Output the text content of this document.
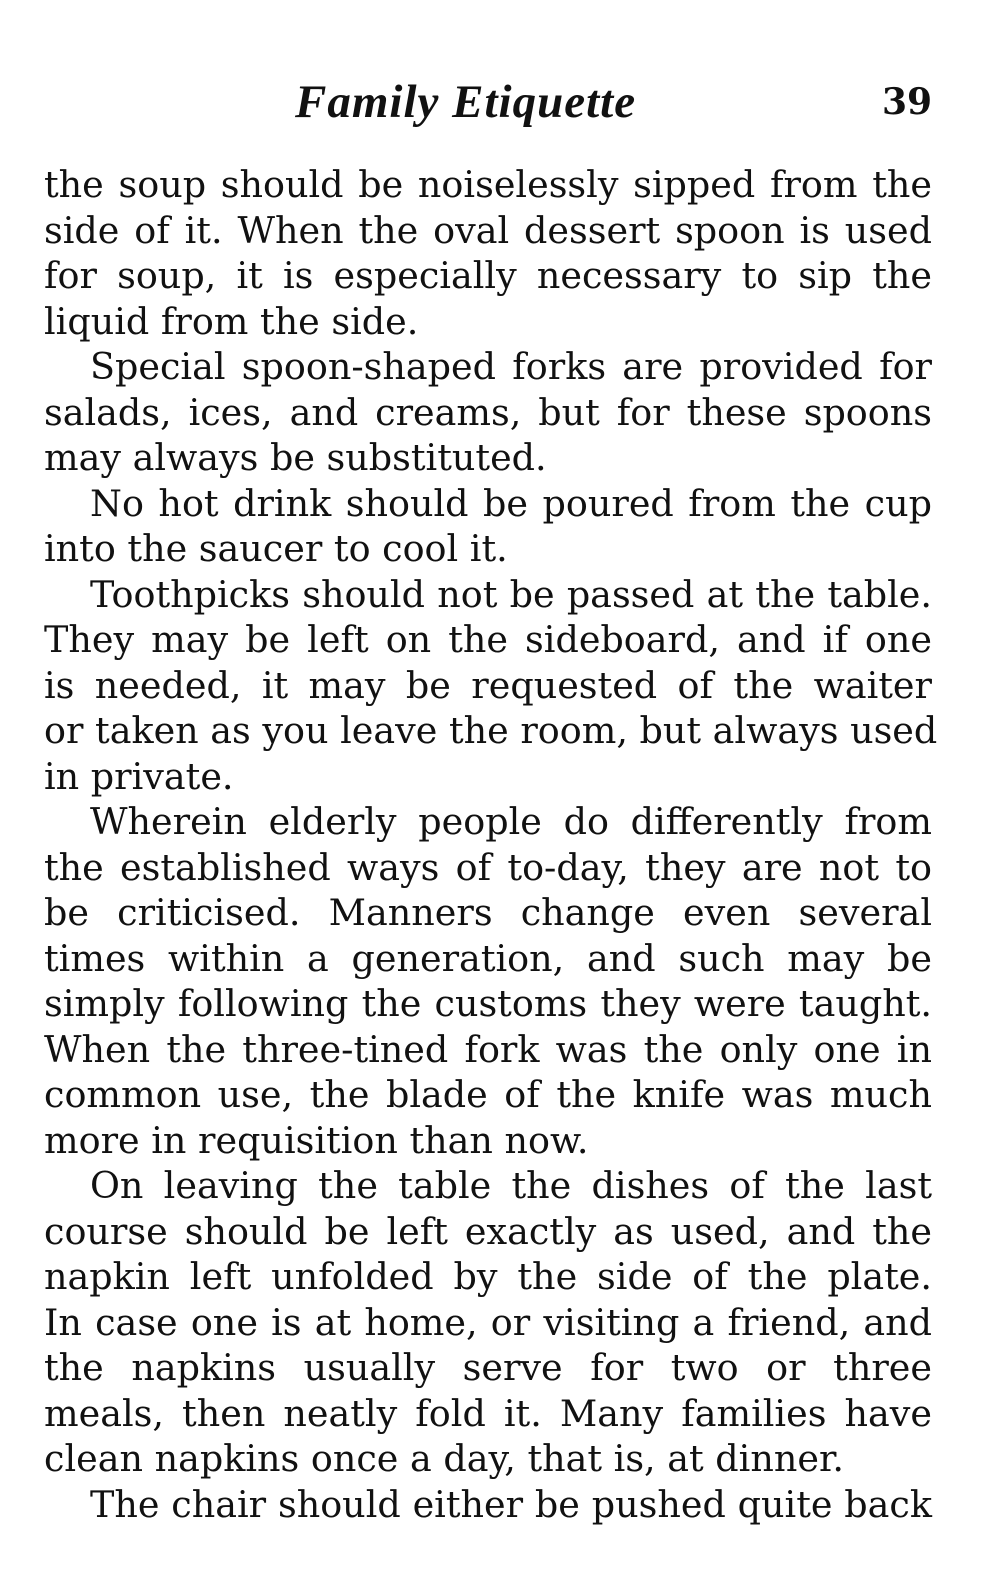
Family Etiquette	39
the soup should be noiselessly sipped from the
side of it. When the oval dessert spoon is used
for soup, it is especially necessary to sip the
liquid from the side.
Special spoon-shaped forks are provided for
salads, ices, and creams, but for these spoons
may always be substituted.
No hot drink should be poured from the cup
into the saucer to cool it.
Toothpicks should not be passed at the table.
They may be left on the sideboard, and if one
is needed, it may be requested of the waiter
or taken as you leave the room, but always used
in private.
Wherein elderly people do differently from
the established ways of to-day, they are not to
be criticised. Manners change even several
times within a generation, and such may be
simply following the customs they were taught.
When the three-tined fork was the only one in
common use, the blade of the knife was much
more in requisition than now.
On leaving the table the dishes of the last
course should be left exactly as used, and the
napkin left unfolded by the side of the plate.
In case one is at home, or visiting a friend, and
the napkins usually serve for two or three
meals, then neatly fold it. Many families have
clean napkins once a day, that is, at dinner.
The chair should either be pushed quite back
